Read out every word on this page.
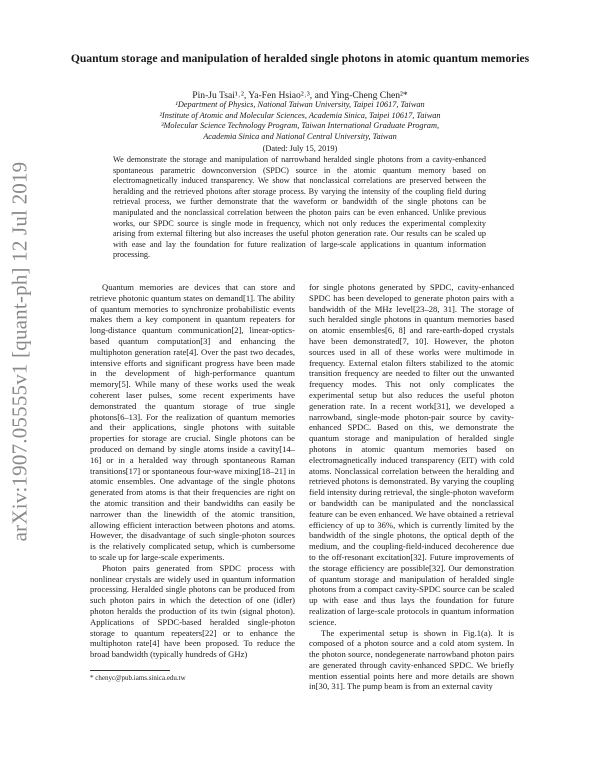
arXiv:1907.05555v1 [quant-ph] 12 Jul 2019
Quantum storage and manipulation of heralded single photons in atomic quantum memories
Pin-Ju Tsai¹˒², Ya-Fen Hsiao²˒³, and Ying-Cheng Chen²*
¹Department of Physics, National Taiwan University, Taipei 10617, Taiwan
²Institute of Atomic and Molecular Sciences, Academia Sinica, Taipei 10617, Taiwan
³Molecular Science Technology Program, Taiwan International Graduate Program,
Academia Sinica and National Central University, Taiwan
(Dated: July 15, 2019)
We demonstrate the storage and manipulation of narrowband heralded single photons from a cavity-enhanced spontaneous parametric downconversion (SPDC) source in the atomic quantum memory based on electromagnetically induced transparency. We show that nonclassical correlations are preserved between the heralding and the retrieved photons after storage process. By varying the intensity of the coupling field during retrieval process, we further demonstrate that the waveform or bandwidth of the single photons can be manipulated and the nonclassical correlation between the photon pairs can be even enhanced. Unlike previous works, our SPDC source is single mode in frequency, which not only reduces the experimental complexity arising from external filtering but also increases the useful photon generation rate. Our results can be scaled up with ease and lay the foundation for future realization of large-scale applications in quantum information processing.

Quantum memories are devices that can store and retrieve photonic quantum states on demand[1]. The ability of quantum memories to synchronize probabilistic events makes them a key component in quantum repeaters for long-distance quantum communication[2], linear-optics-based quantum computation[3] and enhancing the multiphoton generation rate[4]. Over the past two decades, intensive efforts and significant progress have been made in the development of high-performance quantum memory[5]. While many of these works used the weak coherent laser pulses, some recent experiments have demonstrated the quantum storage of true single photons[6–13]. For the realization of quantum memories and their applications, single photons with suitable properties for storage are crucial. Single photons can be produced on demand by single atoms inside a cavity[14–16] or in a heralded way through spontaneous Raman transitions[17] or spontaneous four-wave mixing[18–21] in atomic ensembles. One advantage of the single photons generated from atoms is that their frequencies are right on the atomic transition and their bandwidths can easily be narrower than the linewidth of the atomic transition, allowing efficient interaction between photons and atoms. However, the disadvantage of such single-photon sources is the relatively complicated setup, which is cumbersome to scale up for large-scale experiments.

Photon pairs generated from SPDC process with nonlinear crystals are widely used in quantum information processing. Heralded single photons can be produced from such photon pairs in which the detection of one (idler) photon heralds the production of its twin (signal photon). Applications of SPDC-based heralded single-photon storage to quantum repeaters[22] or to enhance the multiphoton rate[4] have been proposed. To reduce the broad bandwidth (typically hundreds of GHz)

for single photons generated by SPDC, cavity-enhanced SPDC has been developed to generate photon pairs with a bandwidth of the MHz level[23–28, 31]. The storage of such heralded single photons in quantum memories based on atomic ensembles[6, 8] and rare-earth-doped crystals have been demonstrated[7, 10]. However, the photon sources used in all of these works were multimode in frequency. External etalon filters stabilized to the atomic transition frequency are needed to filter out the unwanted frequency modes. This not only complicates the experimental setup but also reduces the useful photon generation rate. In a recent work[31], we developed a narrowband, single-mode photon-pair source by cavity-enhanced SPDC. Based on this, we demonstrate the quantum storage and manipulation of heralded single photons in atomic quantum memories based on electromagnetically induced transparency (EIT) with cold atoms. Nonclassical correlation between the heralding and retrieved photons is demonstrated. By varying the coupling field intensity during retrieval, the single-photon waveform or bandwidth can be manipulated and the nonclassical feature can be even enhanced. We have obtained a retrieval efficiency of up to 36%, which is currently limited by the bandwidth of the single photons, the optical depth of the medium, and the coupling-field-induced decoherence due to the off-resonant excitation[32]. Future improvements of the storage efficiency are possible[32]. Our demonstration of quantum storage and manipulation of heralded single photons from a compact cavity-SPDC source can be scaled up with ease and thus lays the foundation for future realization of large-scale protocols in quantum information science.

The experimental setup is shown in Fig.1(a). It is composed of a photon source and a cold atom system. In the photon source, nondegenerate narrowband photon pairs are generated through cavity-enhanced SPDC. We briefly mention essential points here and more details are shown in[30, 31]. The pump beam is from an external cavity

* chenyc@pub.iams.sinica.edu.tw
